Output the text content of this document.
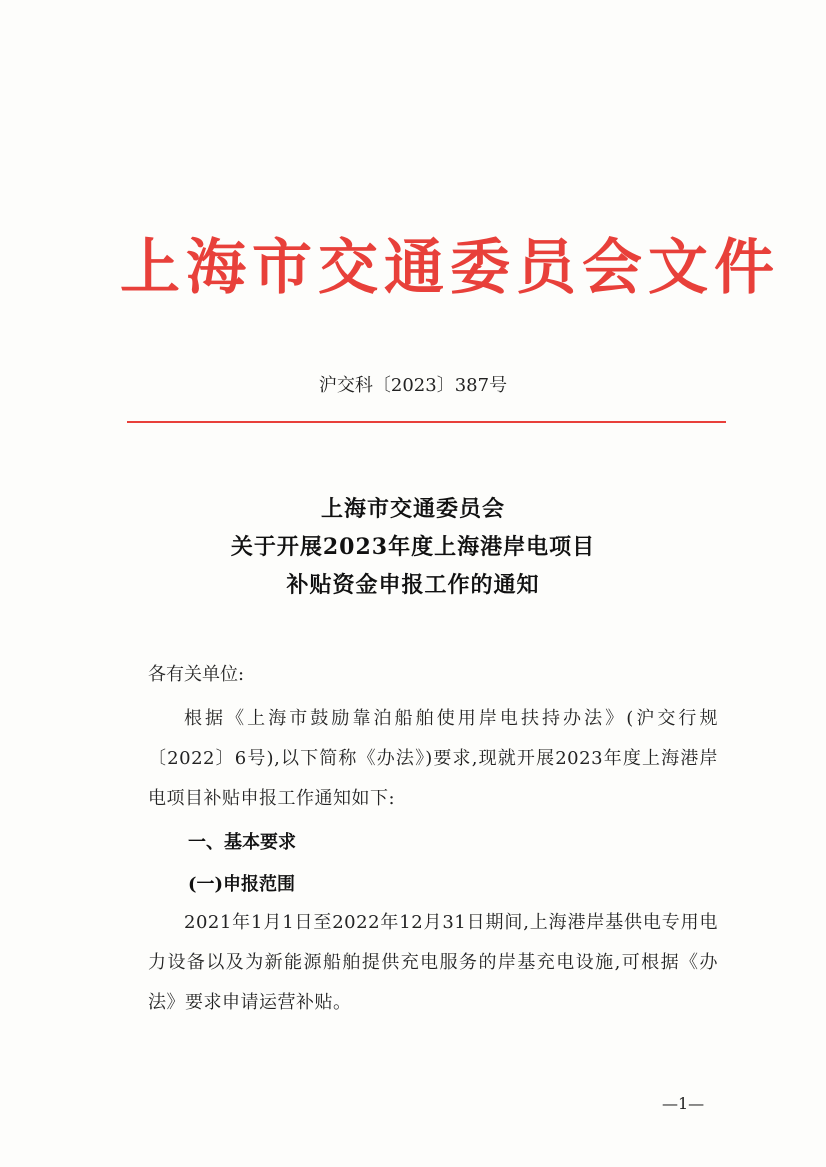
上海市交通委员会文件
沪交科〔2023〕387号
上海市交通委员会
关于开展2023年度上海港岸电项目
补贴资金申报工作的通知
各有关单位:
根据《上海市鼓励靠泊船舶使用岸电扶持办法》(沪交行规〔2022〕6号),以下简称《办法》)要求,现就开展2023年度上海港岸电项目补贴申报工作通知如下:
一、基本要求
(一)申报范围
2021年1月1日至2022年12月31日期间,上海港岸基供电专用电力设备以及为新能源船舶提供充电服务的岸基充电设施,可根据《办法》要求申请运营补贴。
—1—
